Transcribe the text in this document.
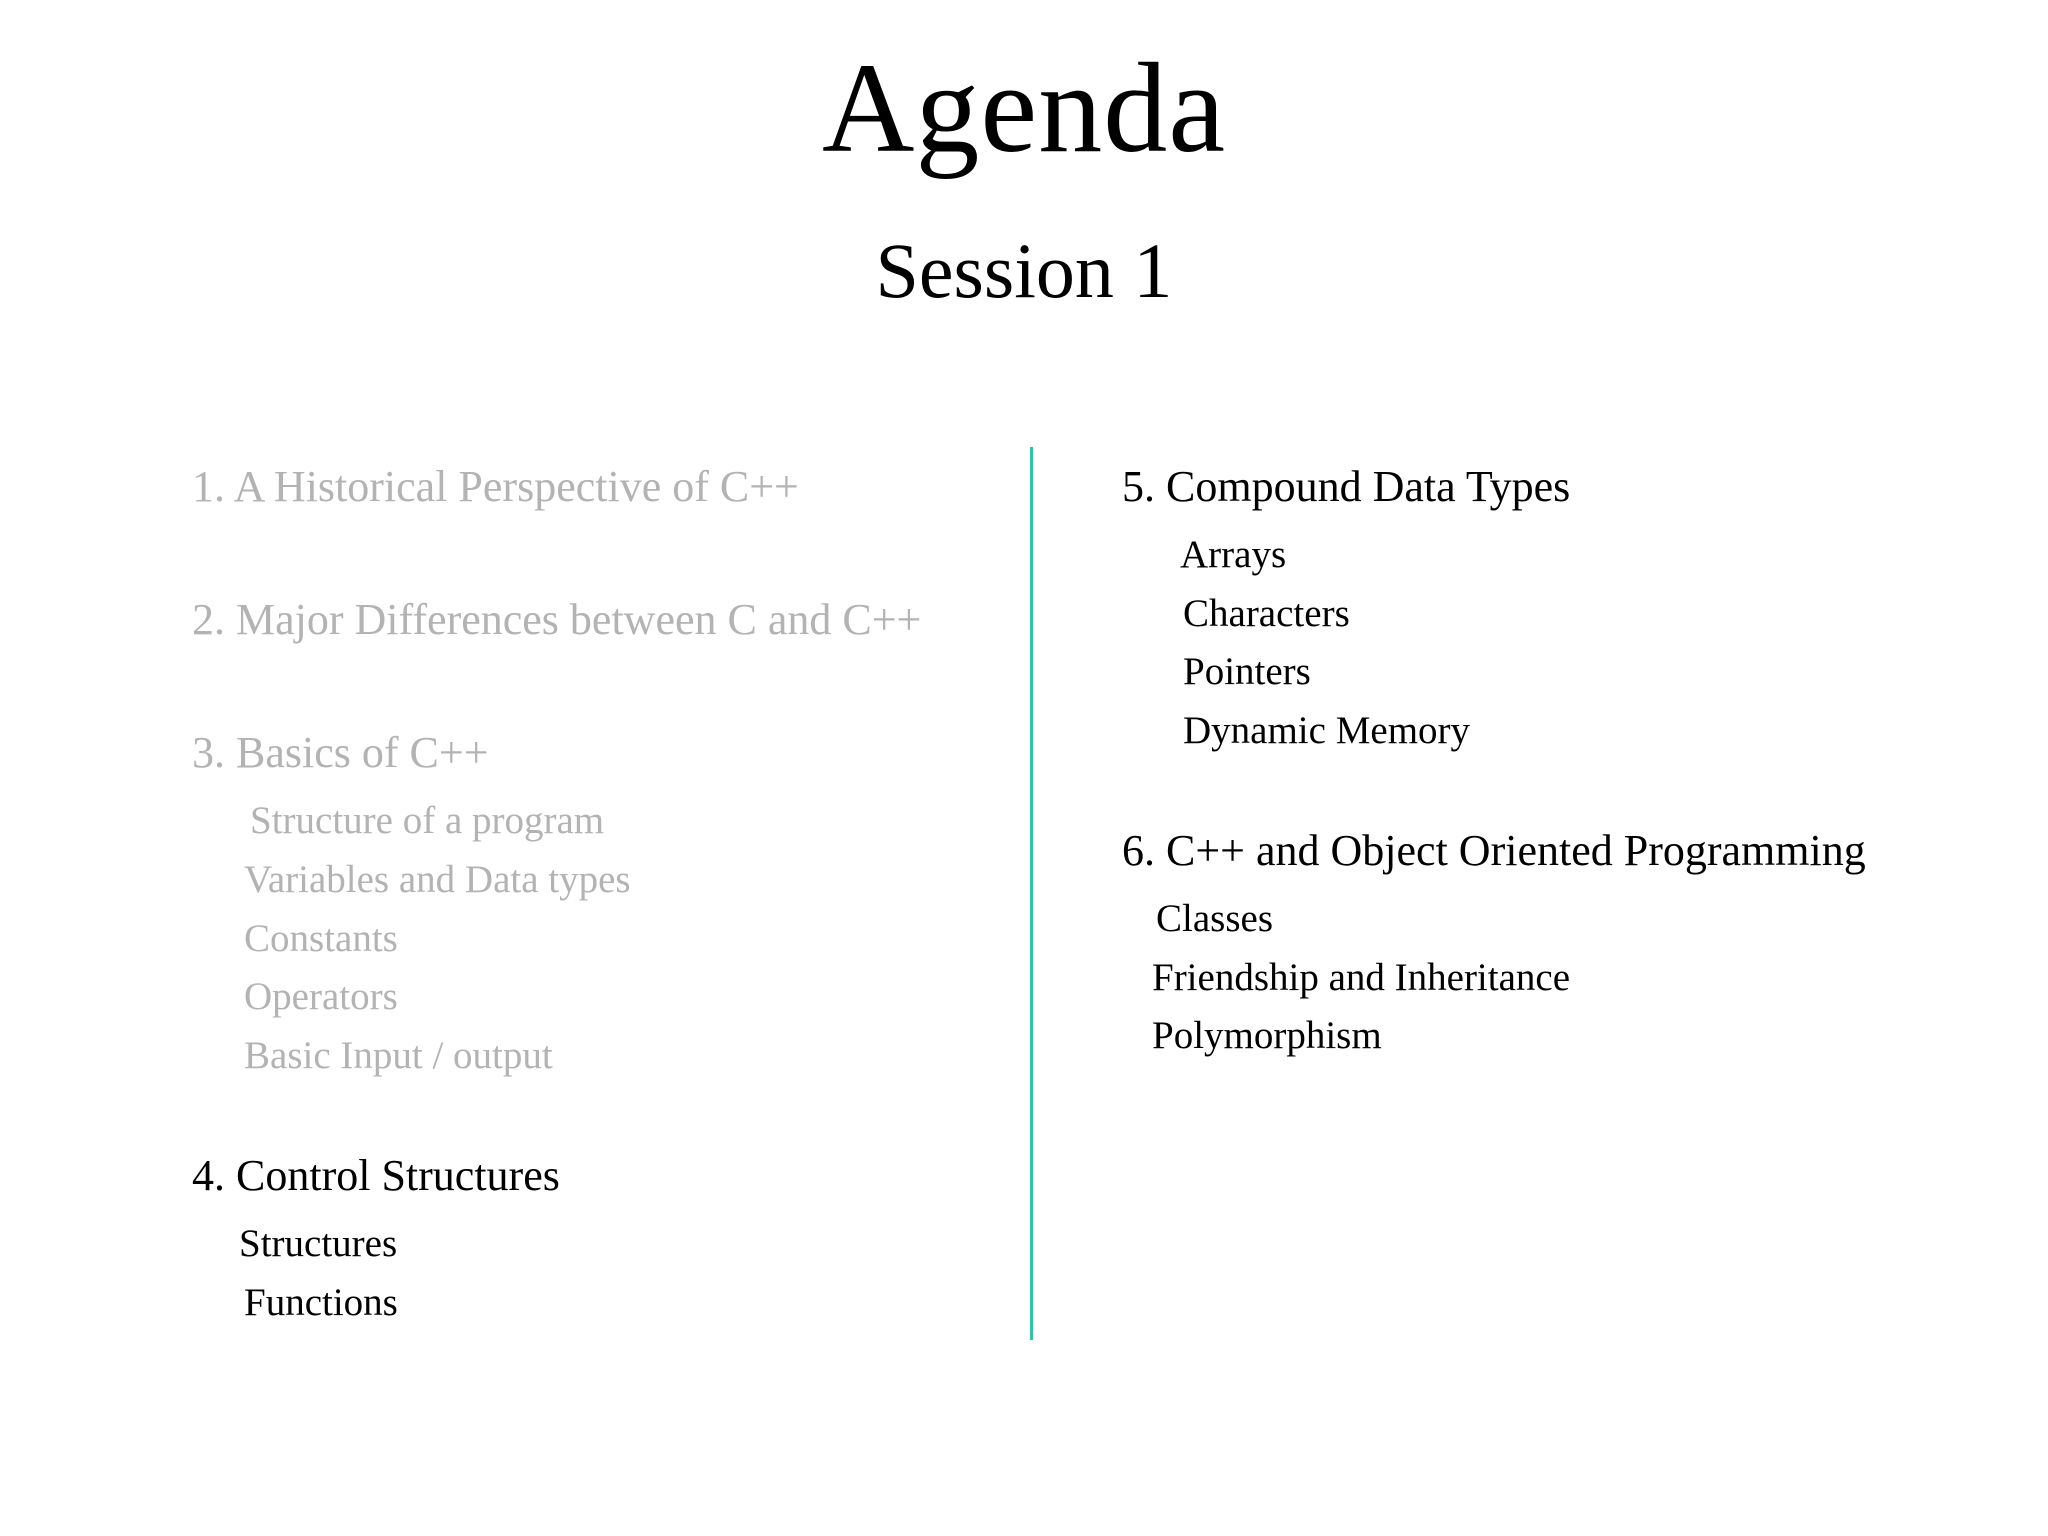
Agenda
Session 1
1. A Historical Perspective of C++
2. Major Differences between C and C++
3. Basics of C++
Structure of a program
Variables and Data types
Constants
Operators
Basic Input / output
4. Control Structures
Structures
Functions
5. Compound Data Types
Arrays
Characters
Pointers
Dynamic Memory
6. C++ and Object Oriented Programming
Classes
Friendship and Inheritance
Polymorphism
